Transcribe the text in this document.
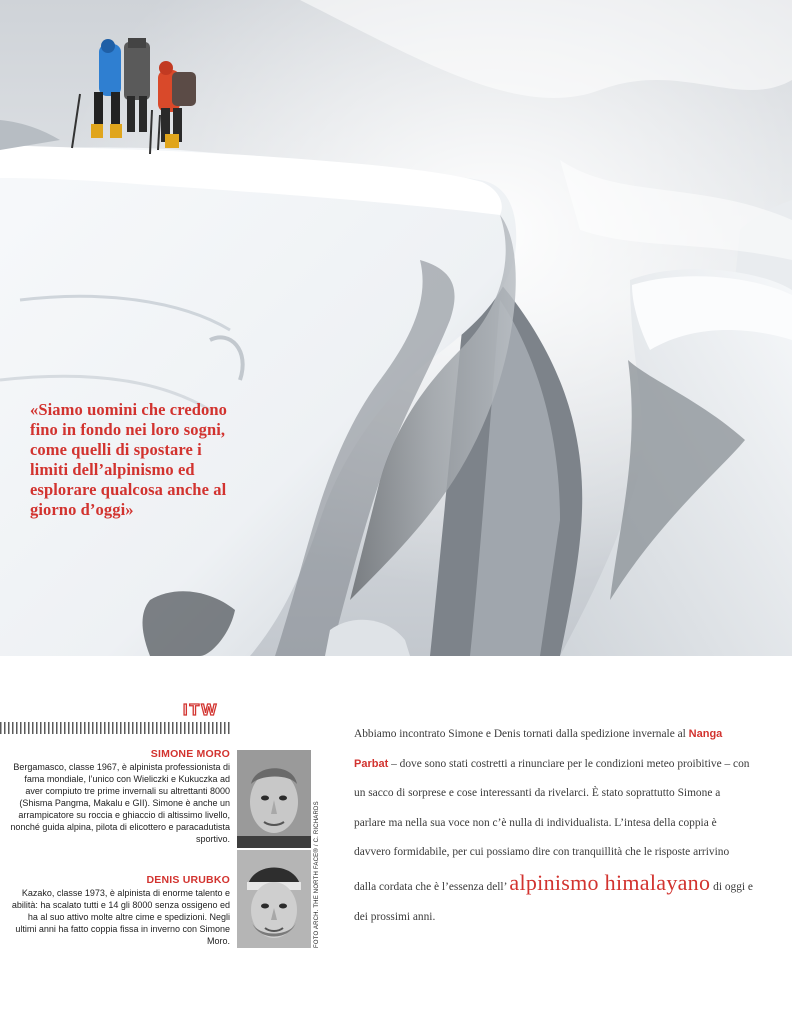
«Siamo uomini che credono fino in fondo nei loro sogni, come quelli di spostare i limiti dell’alpinismo ed esplorare qualcosa anche al giorno d’oggi»
ITW
SIMONE MORO
Bergamasco, classe 1967, è alpinista professionista di fama mondiale, l’unico con Wieliczki e Kukuczka ad aver compiuto tre prime invernali su altrettanti 8000 (Shisma Pangma, Makalu e GII). Simone è anche un arrampicatore su roccia e ghiaccio di altissimo livello, nonché guida alpina, pilota di elicottero e paracadutista sportivo.
DENIS URUBKO
Kazako, classe 1973, è alpinista di enorme talento e abilità: ha scalato tutti e 14 gli 8000 senza ossigeno ed ha al suo attivo molte altre cime e spedizioni. Negli ultimi anni ha fatto coppia fissa in inverno con Simone Moro.	FOTO ARCH. THE NORTH FACE® / C. RICHARDS
Abbiamo incontrato Simone e Denis tornati dalla spedizione invernale al Nanga Parbat – dove sono stati costretti a rinunciare per le condizioni meteo proibitive – con un sacco di sorprese e cose interessanti da rivelarci. È stato soprattutto Simone a parlare ma nella sua voce non c’è nulla di individualista. L’intesa della coppia è davvero formidabile, per cui possiamo dire con tranquillità che le risposte arrivino dalla cordata che è l’essenza dell’ alpinismo himalayano di oggi e dei prossimi anni.
